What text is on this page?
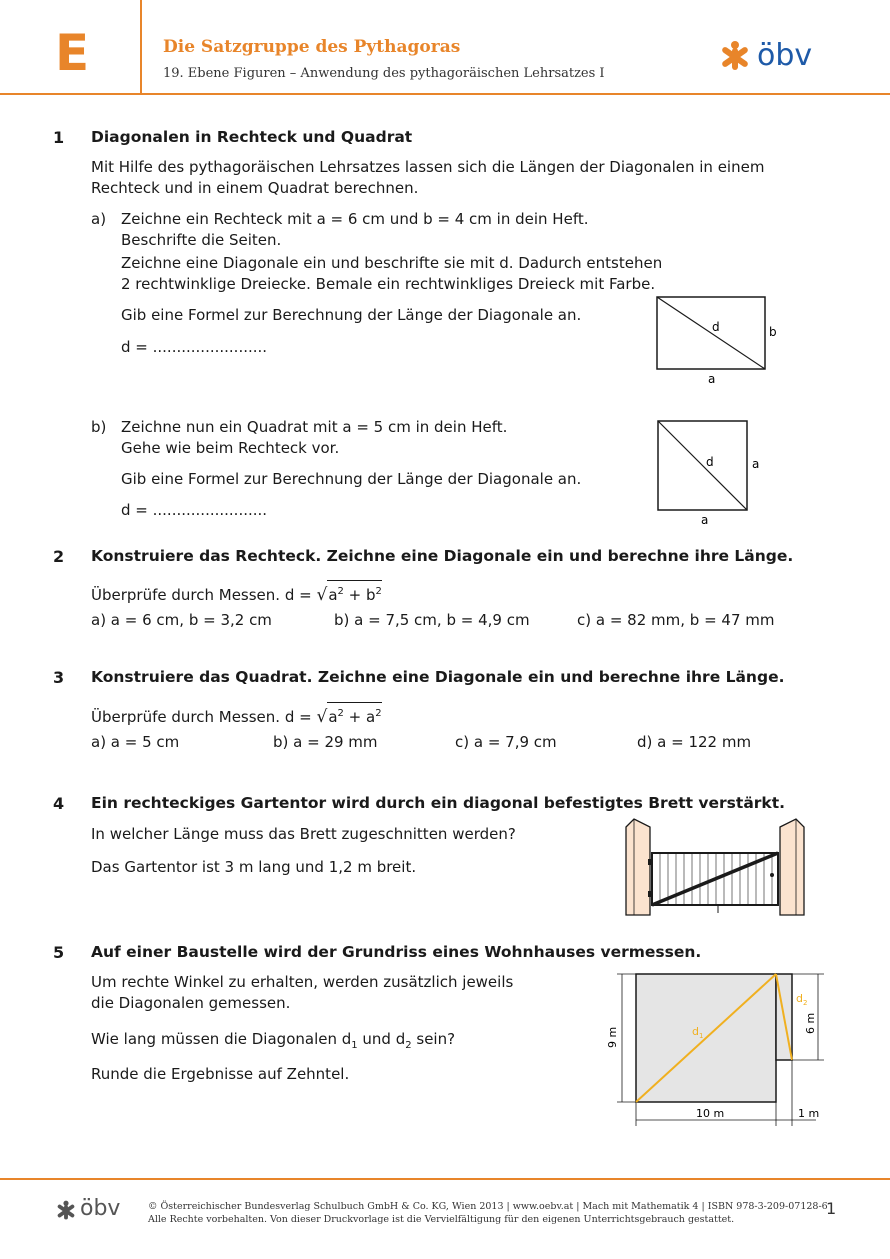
E	Die Satzgruppe des Pythagoras
19. Ebene Figuren – Anwendung des pythagoräischen Lehrsatzes I
öbv
1 Diagonalen in Rechteck und Quadrat
Mit Hilfe des pythagoräischen Lehrsatzes lassen sich die Längen der Diagonalen in einem
Rechteck und in einem Quadrat berechnen.
a) Zeichne ein Rechteck mit a = 6 cm und b = 4 cm in dein Heft.
Beschrifte die Seiten.
Zeichne eine Diagonale ein und beschrifte sie mit d. Dadurch entstehen
2 rechtwinklige Dreiecke. Bemale ein rechtwinkliges Dreieck mit Farbe.
Gib eine Formel zur Berechnung der Länge der Diagonale an.
d = ........................
d	b
a
b) Zeichne nun ein Quadrat mit a = 5 cm in dein Heft.
Gehe wie beim Rechteck vor.
Gib eine Formel zur Berechnung der Länge der Diagonale an.
d = ........................
d	a
a
2 Konstruiere das Rechteck. Zeichne eine Diagonale ein und berechne ihre Länge.
Überprüfe durch Messen. $d = √a^2 + b^2$
a) a = 6 cm, b = 3,2 cm	b) a = 7,5 cm, b = 4,9 cm	c) a = 82 mm, b = 47 mm
3 Konstruiere das Quadrat. Zeichne eine Diagonale ein und berechne ihre Länge.
Überprüfe durch Messen. $d = √a^2 + a^2$
a) a = 5 cm	b) a = 29 mm	c) a = 7,9 cm	d) a = 122 mm
4 Ein rechteckiges Gartentor wird durch ein diagonal befestigtes Brett verstärkt.
In welcher Länge muss das Brett zugeschnitten werden?
Das Gartentor ist 3 m lang und 1,2 m breit.
5 Auf einer Baustelle wird der Grundriss eines Wohnhauses vermessen.
Um rechte Winkel zu erhalten, werden zusätzlich jeweils
die Diagonalen gemessen.
Wie lang müssen die Diagonalen $d_1$ und $d_2$ sein?
Runde die Ergebnisse auf Zehntel.
$d_1$
$d_2$
9 m
10 m	1 m
6 m
öbv	© Österreichischer Bundesverlag Schulbuch GmbH & Co. KG, Wien 2013 | www.oebv.at | Mach mit Mathematik 4 | ISBN 978-3-209-07128-6
Alle Rechte vorbehalten. Von dieser Druckvorlage ist die Vervielfältigung für den eigenen Unterrichtsgebrauch gestattet.
1
